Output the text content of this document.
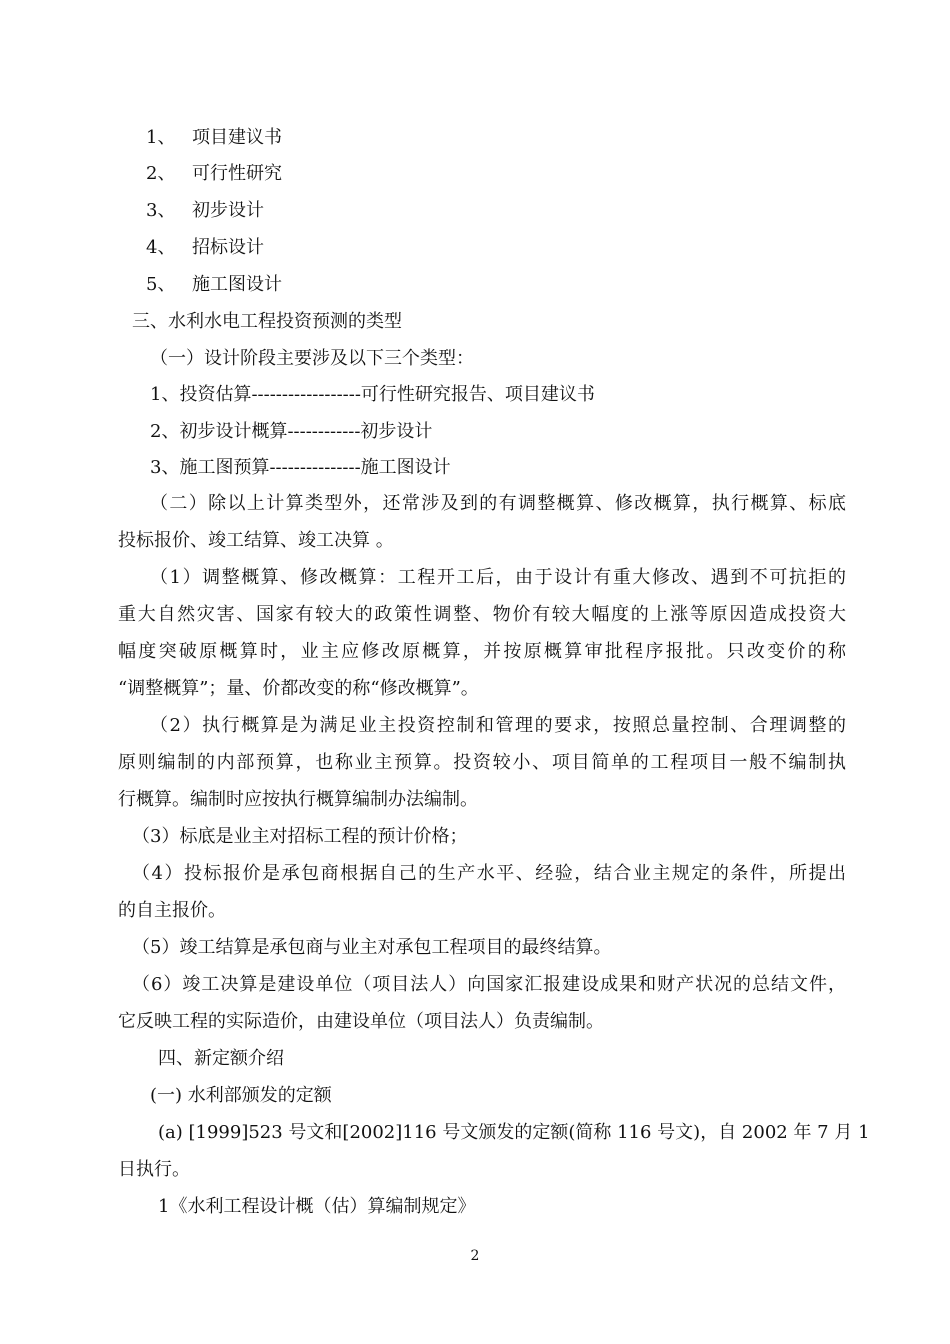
1、 项目建议书
2、 可行性研究
3、 初步设计
4、 招标设计
5、 施工图设计
三、水利水电工程投资预测的类型
（一）设计阶段主要涉及以下三个类型：
1、投资估算------------------可行性研究报告、项目建议书
2、初步设计概算------------初步设计
3、施工图预算---------------施工图设计
（二）除以上计算类型外，还常涉及到的有调整概算、修改概算，执行概算、标底
投标报价、竣工结算、竣工决算 。
（1）调整概算、修改概算：工程开工后，由于设计有重大修改、遇到不可抗拒的
重大自然灾害、国家有较大的政策性调整、物价有较大幅度的上涨等原因造成投资大
幅度突破原概算时，业主应修改原概算，并按原概算审批程序报批。只改变价的称
“调整概算”；量、价都改变的称“修改概算”。
（2）执行概算是为满足业主投资控制和管理的要求，按照总量控制、合理调整的
原则编制的内部预算，也称业主预算。投资较小、项目简单的工程项目一般不编制执
行概算。编制时应按执行概算编制办法编制。
（3）标底是业主对招标工程的预计价格；
（4）投标报价是承包商根据自己的生产水平、经验，结合业主规定的条件，所提出
的自主报价。
（5）竣工结算是承包商与业主对承包工程项目的最终结算。
（6）竣工决算是建设单位（项目法人）向国家汇报建设成果和财产状况的总结文件，
它反映工程的实际造价，由建设单位（项目法人）负责编制。
四、新定额介绍
(一) 水利部颁发的定额
(a) [1999]523 号文和[2002]116 号文颁发的定额(简称 116 号文)，自 2002 年 7 月 1
日执行。
1《水利工程设计概（估）算编制规定》
2
